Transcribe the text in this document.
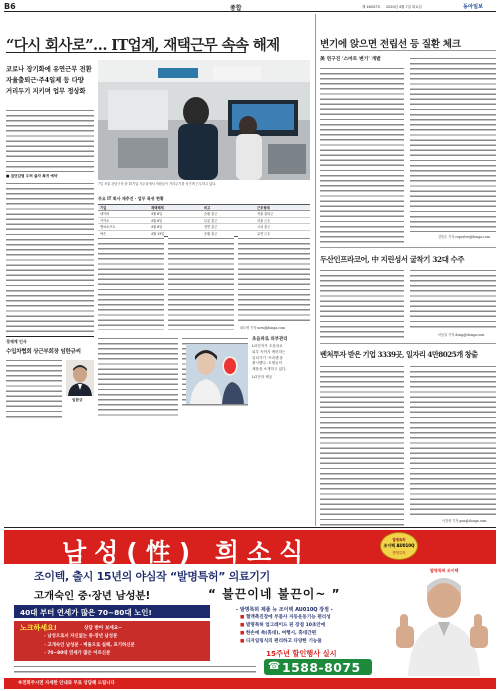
B6	종합	제 16057호 2020년 4월 7일 화요일	동아일보
“다시 회사로”… IT업계, 재택근무 속속 해제
코로나 장기화에 유연근무 전환
자율출퇴근·주4일제 등 다양
거리두기 지키며 업무 정상화
■ 집단감염 우려 줄자 복귀 예약
7일 서울 강남구의 한 IT기업 사무실에서 직원들이 거리두기를 지키며 근무하고 있다.
주요 IT 회사 재추진 · 업무 복귀 현황
기업	재택해제	비고	근무형태
네이버	4월 6일	순환 출근	자율 출퇴근
카카오	4월 6일	부분 출근	자율 근무
엔씨소프트	4월 6일	전면 출근	시차 출근
넥슨	4월 13일	순환 출근	유연 근무
곽도영 기자 now@donga.com
변기에 앉으면 전립선 등 질환 체크
美 연구진 '스마트 변기' 개발
김민수 기자 reporter@donga.com
두산인프라코어, 中 지린성서 굴착기 32대 수주
서동일 기자 dong@donga.com
벤처투자 받은 기업 3339곳, 일자리 4만8025개 창출
이건혁 기자 gun@donga.com
경제계 인사
수입차협회 상근부회장 임한규씨
임한규
초음파로 피부관리
LG전자가 초음파로
피부 속까지 케어하는
뷰티기기 '프라엘'을
출시했다. 모델들이
제품을 소개하고 있다.
LG전자 제공
남성(性) 희소식	발명특허
조이텍 AU010Q
발명특허
조이텍, 출시 15년의 야심작 “발명특허” 의료기기
고개숙인 중·장년 남성분!	“ 불끈이네 불끈이~ ”
40대 부터 연세가 많은 70~80대 노인!
노크하세요!	상담 받아 보세요~
- 남성으로서 자신없는 중·장년 남성분
- 고개숙인 남성분 · 벽돌으로 실패, 포기하신분
- 70~80대 연세가 많은 어르신분
- 발명특허 제품 뉴 조이텍 AU010Q 장점 -
■ 혈액촉진장에 부품사 자동운동기능 편리성
■ 발명특허 업그레이드 된 장점 10초안에
■ 한손에 쏙(휴대), 여행시, 휴대간편
■ 디자일링식의 편리하고 다양한 기능들
15주년 할인행사 실시
☎ 1588-8075
발명특허 조이텍
※전화주시면 자세한 안내와 무료 상담해 드립니다
